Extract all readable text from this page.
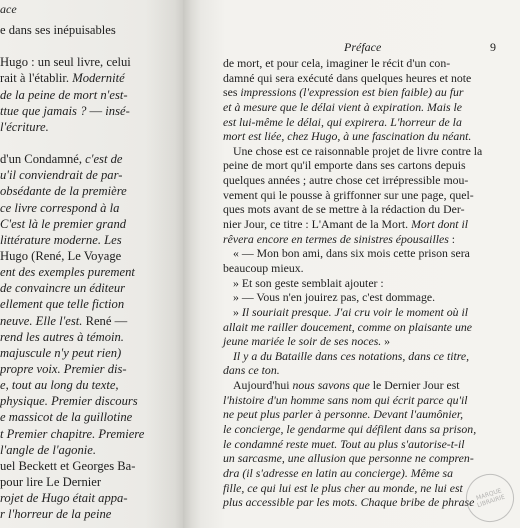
ace
e dans ses inépuisables
Hugo : un seul livre, celui
rait à l'établir. Modernité
de la peine de mort n'est-
ttue que jamais ? — insé-
l'écriture.
d'un Condamné, c'est de
u'il conviendrait de par-
obsédante de la première
ce livre correspond à la
C'est là le premier grand
littérature moderne. Les
Hugo (René, Le Voyage
ent des exemples purement
de convaincre un éditeur
ellement que telle fiction
neuve. Elle l'est. René —
rend les autres à témoin.
majuscule n'y peut rien)
propre voix. Premier dis-
e, tout au long du texte,
physique. Premier discours
e massicot de la guillotine
t Premier chapitre. Premiere
l'angle de l'agonie.
uel Beckett et Georges Ba-
pour lire Le Dernier
rojet de Hugo était appa-
r l'horreur de la peine
Préface	9
de mort, et pour cela, imaginer le récit d'un con-
damné qui sera exécuté dans quelques heures et note
ses impressions (l'expression est bien faible) au fur
et à mesure que le délai vient à expiration. Mais le
est lui-même le délai, qui expirera. L'horreur de la
mort est liée, chez Hugo, à une fascination du néant.
Une chose est ce raisonnable projet de livre contre la
peine de mort qu'il emporte dans ses cartons depuis
quelques années ; autre chose cet irrépressible mou-
vement qui le pousse à griffonner sur une page, quel-
ques mots avant de se mettre à la rédaction du Der-
nier Jour, ce titre : L'Amant de la Mort. Mort dont il
rêvera encore en termes de sinistres épousailles :
« — Mon bon ami, dans six mois cette prison sera
beaucoup mieux.
» Et son geste semblait ajouter :
» — Vous n'en jouirez pas, c'est dommage.
» Il souriait presque. J'ai cru voir le moment où il
allait me railler doucement, comme on plaisante une
jeune mariée le soir de ses noces. »
Il y a du Bataille dans ces notations, dans ce titre,
dans ce ton.
Aujourd'hui nous savons que le Dernier Jour est
l'histoire d'un homme sans nom qui écrit parce qu'il
ne peut plus parler à personne. Devant l'aumônier,
le concierge, le gendarme qui défilent dans sa prison,
le condamné reste muet. Tout au plus s'autorise-t-il
un sarcasme, une allusion que personne ne compren-
dra (il s'adresse en latin au concierge). Même sa
fille, ce qui lui est le plus cher au monde, ne lui est
plus accessible par les mots. Chaque bribe de phrase
MARQUE LIBRAIRIE
